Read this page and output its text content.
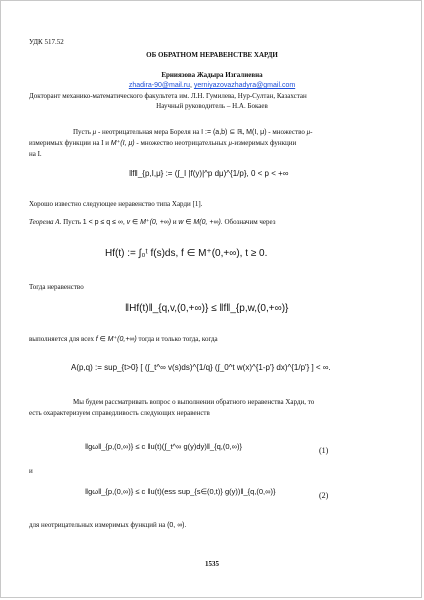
УДК 517.52
ОБ ОБРАТНОМ НЕРАВЕНСТВЕ ХАРДИ
Ерниязова Жадыра Изгалиевна
zhadira-90@mail.ru, yerniyazovazhadyra@gmail.com
Докторант механико-математического факультета им. Л.Н. Гумилева, Нур-Султан, Казахстан
Научный руководитель – Н.А. Бокаев
Пусть μ - неотрицательная мера Бореля на I := (a,b) ⊆ ℝ, M(I, μ) - множество μ-
измеримых функции на I и M⁺(I, μ) - множество неотрицательных μ-измеримых функции
на I.
‖f‖_{p,I,μ} := (∫_I |f(y)|^p dμ)^{1/p}, 0 < p < +∞
Хорошо известно следующее неравенство типа Харди [1].
Теорема А. Пусть 1 < p ≤ q ≤ ∞, v ∈ M⁺(0, +∞) и w ∈ M(0, +∞). Обозначим через
Hf(t) := ∫₀ᵗ f(s)ds, f ∈ M⁺(0,+∞), t ≥ 0.
Тогда неравенство
‖Hf(t)‖_{q,v,(0,+∞)} ≤ ‖f‖_{p,w,(0,+∞)}
выполняется для всех f ∈ M⁺(0,+∞) тогда и только тогда, когда
A(p,q) := sup_{t>0} [ (∫_t^∞ v(s)ds)^{1/q} (∫_0^t w(x)^{1-p'} dx)^{1/p'} ] < ∞.
Мы будем рассматривать вопрос о выполнении обратного неравенства Харди, то
есть охарактеризуем справедливость следующих неравенств
‖gω‖_{p,(0,∞)} ≤ c ‖u(t)(∫_t^∞ g(y)dy)‖_{q,(0,∞)}	(1)
и
‖gω‖_{p,(0,∞)} ≤ c ‖u(t)(ess sup_{s∈(0,t)} g(y))‖_{q,(0,∞)}	(2)
для неотрицательных измеримых функций на (0, ∞).
1535
